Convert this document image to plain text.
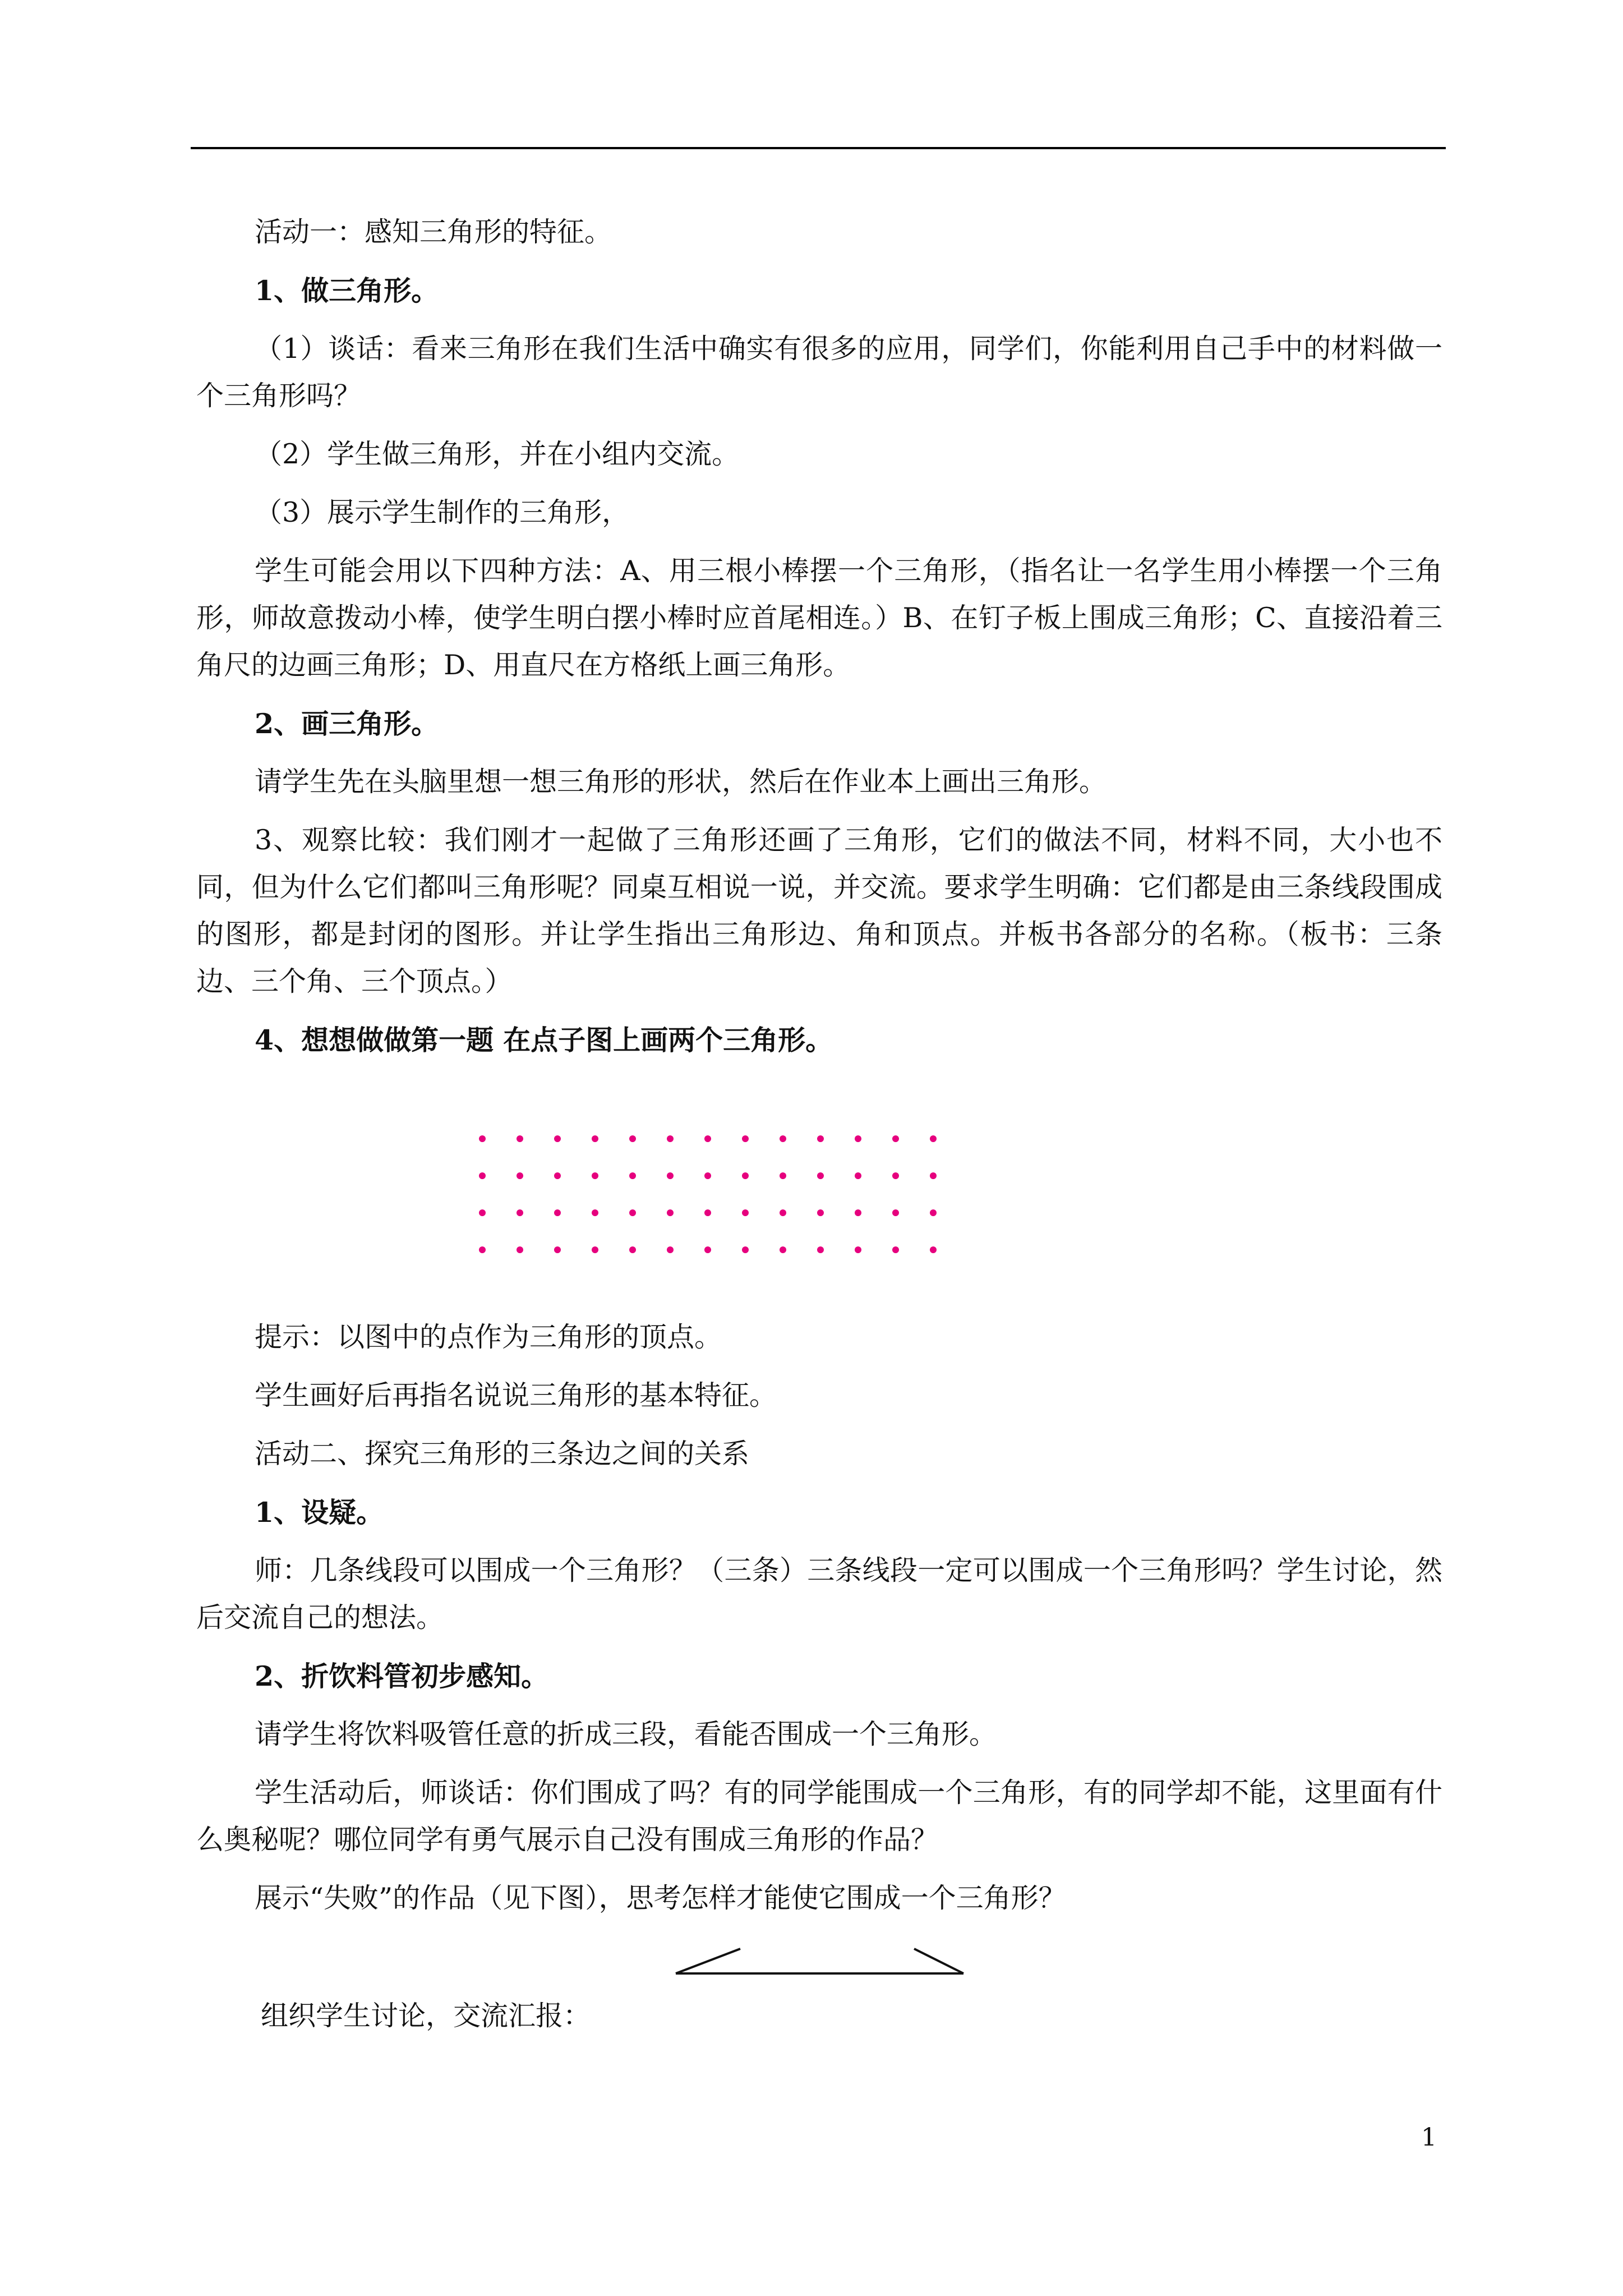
活动一：感知三角形的特征。

1、做三角形。

（1）谈话：看来三角形在我们生活中确实有很多的应用，同学们，你能利用自己手中的材料做一个三角形吗？

（2）学生做三角形，并在小组内交流。

（3）展示学生制作的三角形，

学生可能会用以下四种方法：A、用三根小棒摆一个三角形，（指名让一名学生用小棒摆一个三角形，师故意拨动小棒，使学生明白摆小棒时应首尾相连。）B、在钉子板上围成三角形；C、直接沿着三角尺的边画三角形；D、用直尺在方格纸上画三角形。

2、画三角形。

请学生先在头脑里想一想三角形的形状，然后在作业本上画出三角形。

3、观察比较：我们刚才一起做了三角形还画了三角形，它们的做法不同，材料不同，大小也不同，但为什么它们都叫三角形呢？同桌互相说一说，并交流。要求学生明确：它们都是由三条线段围成的图形，都是封闭的图形。并让学生指出三角形边、角和顶点。并板书各部分的名称。（板书：三条边、三个角、三个顶点。）

4、想想做做第一题 在点子图上画两个三角形。

提示：以图中的点作为三角形的顶点。

学生画好后再指名说说三角形的基本特征。

活动二、探究三角形的三条边之间的关系

1、设疑。

师：几条线段可以围成一个三角形？（三条）三条线段一定可以围成一个三角形吗？学生讨论，然后交流自己的想法。

2、折饮料管初步感知。

请学生将饮料吸管任意的折成三段，看能否围成一个三角形。

学生活动后，师谈话：你们围成了吗？有的同学能围成一个三角形，有的同学却不能，这里面有什么奥秘呢？哪位同学有勇气展示自己没有围成三角形的作品？

展示“失败”的作品（见下图），思考怎样才能使它围成一个三角形？

组织学生讨论，交流汇报：

1
